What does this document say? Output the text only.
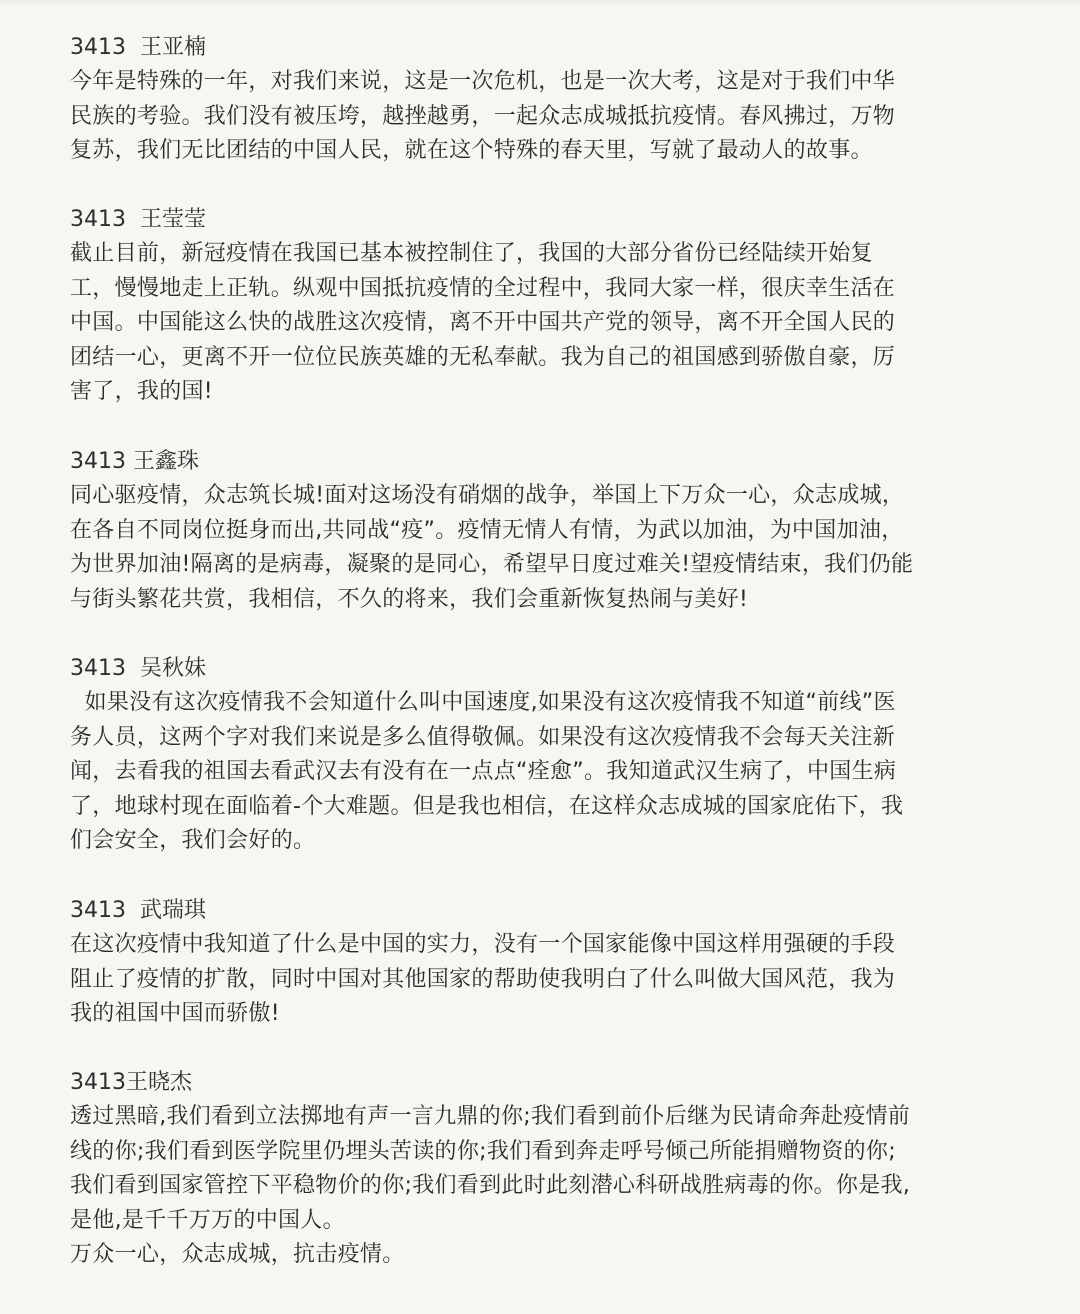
3413  王亚楠
今年是特殊的一年，对我们来说，这是一次危机，也是一次大考，这是对于我们中华
民族的考验。我们没有被压垮，越挫越勇，一起众志成城抵抗疫情。春风拂过，万物
复苏，我们无比团结的中国人民，就在这个特殊的春天里，写就了最动人的故事。
3413  王莹莹
截止目前，新冠疫情在我国已基本被控制住了，我国的大部分省份已经陆续开始复
工，慢慢地走上正轨。纵观中国抵抗疫情的全过程中，我同大家一样，很庆幸生活在
中国。中国能这么快的战胜这次疫情，离不开中国共产党的领导，离不开全国人民的
团结一心，更离不开一位位民族英雄的无私奉献。我为自己的祖国感到骄傲自豪，厉
害了，我的国!
3413 王鑫珠
同心驱疫情，众志筑长城!面对这场没有硝烟的战争，举国上下万众一心，众志成城，
在各自不同岗位挺身而出,共同战“疫”。疫情无情人有情，为武以加油，为中国加油，
为世界加油!隔离的是病毒，凝聚的是同心，希望早日度过难关!望疫情结束，我们仍能
与街头繁花共赏，我相信，不久的将来，我们会重新恢复热闹与美好!
3413  吴秋妹
如果没有这次疫情我不会知道什么叫中国速度,如果没有这次疫情我不知道“前线”医
务人员，这两个字对我们来说是多么值得敬佩。如果没有这次疫情我不会每天关注新
闻，去看我的祖国去看武汉去有没有在一点点“痊愈”。我知道武汉生病了，中国生病
了，地球村现在面临着-个大难题。但是我也相信，在这样众志成城的国家庇佑下，我
们会安全，我们会好的。
3413  武瑞琪
在这次疫情中我知道了什么是中国的实力，没有一个国家能像中国这样用强硬的手段
阻止了疫情的扩散，同时中国对其他国家的帮助使我明白了什么叫做大国风范，我为
我的祖国中国而骄傲!
3413王晓杰
透过黑暗,我们看到立法掷地有声一言九鼎的你;我们看到前仆后继为民请命奔赴疫情前
线的你;我们看到医学院里仍埋头苦读的你;我们看到奔走呼号倾己所能捐赠物资的你;
我们看到国家管控下平稳物价的你;我们看到此时此刻潜心科研战胜病毒的你。你是我,
是他,是千千万万的中国人。
万众一心，众志成城，抗击疫情。
